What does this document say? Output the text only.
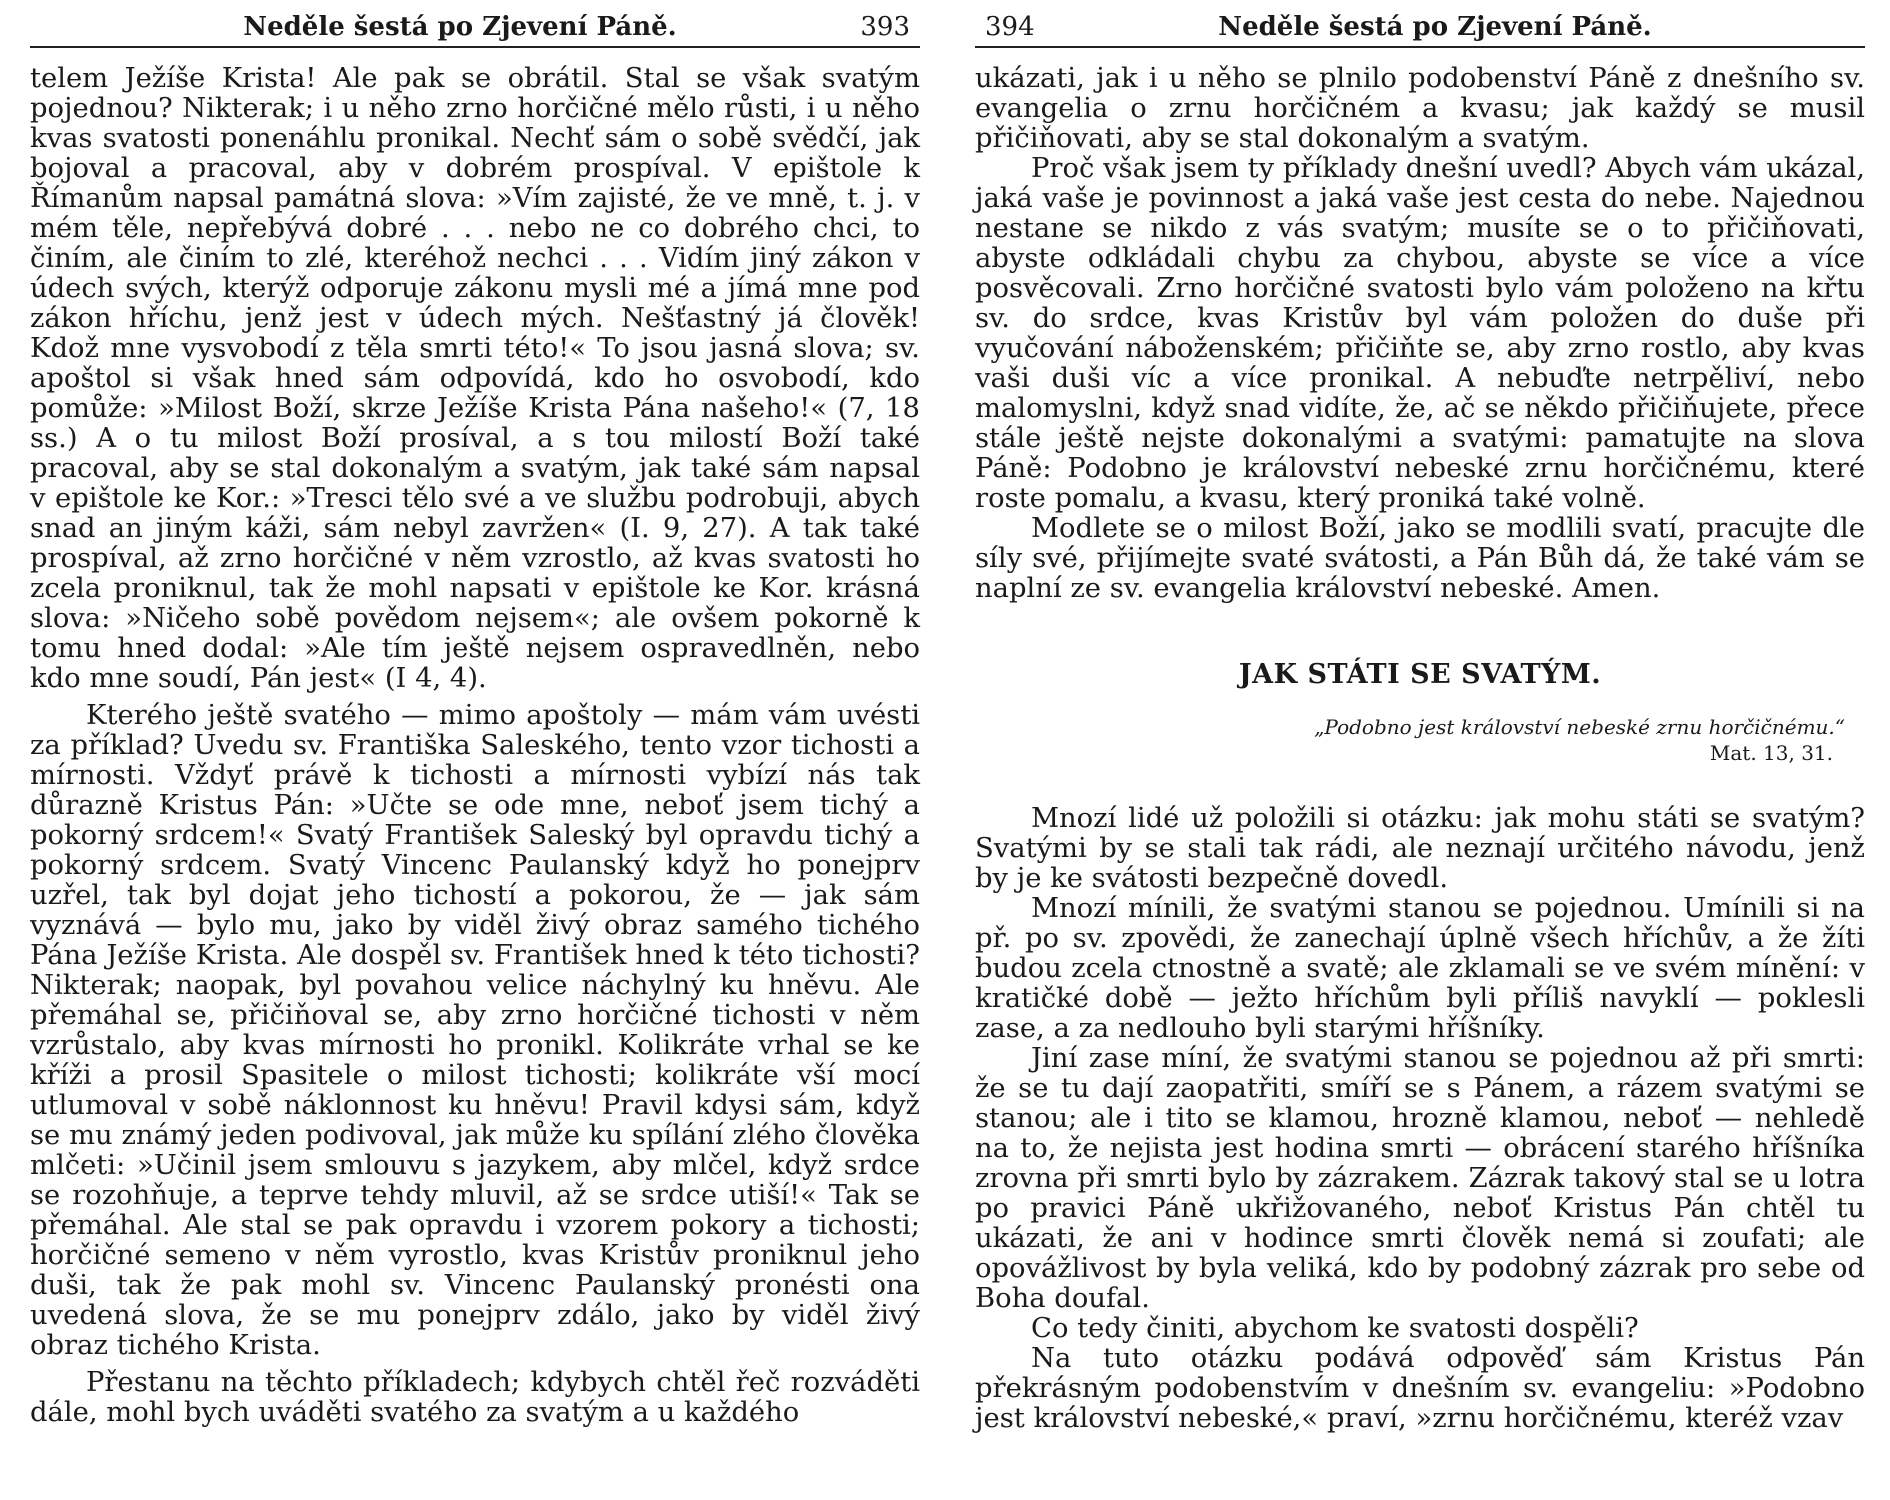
Neděle šestá po Zjevení Páně.	393

telem Ježíše Krista! Ale pak se obrátil. Stal se však svatým pojednou? Nikterak; i u něho zrno horčičné mělo růsti, i u něho kvas svatosti ponenáhlu pronikal. Nechť sám o sobě svědčí, jak bojoval a pracoval, aby v dobrém prospíval. V epištole k Římanům napsal památná slova: »Vím zajisté, že ve mně, t. j. v mém těle, nepřebývá dobré . . . nebo ne co dobrého chci, to činím, ale činím to zlé, kteréhož nechci . . . Vidím jiný zákon v údech svých, kterýž odporuje zákonu mysli mé a jímá mne pod zákon hříchu, jenž jest v údech mých. Nešťastný já člověk! Kdož mne vysvobodí z těla smrti této!« To jsou jasná slova; sv. apoštol si však hned sám odpovídá, kdo ho osvobodí, kdo pomůže: »Milost Boží, skrze Ježíše Krista Pána našeho!« (7, 18 ss.) A o tu milost Boží prosíval, a s tou milostí Boží také pracoval, aby se stal dokonalým a svatým, jak také sám napsal v epištole ke Kor.: »Tresci tělo své a ve službu podrobuji, abych snad an jiným káži, sám nebyl zavržen« (I. 9, 27). A tak také prospíval, až zrno horčičné v něm vzrostlo, až kvas svatosti ho zcela proniknul, tak že mohl napsati v epištole ke Kor. krásná slova: »Ničeho sobě povědom nejsem«; ale ovšem pokorně k tomu hned dodal: »Ale tím ještě nejsem ospravedlněn, nebo kdo mne soudí, Pán jest« (I 4, 4).

Kterého ještě svatého — mimo apoštoly — mám vám uvésti za příklad? Uvedu sv. Františka Saleského, tento vzor tichosti a mírnosti. Vždyť právě k tichosti a mírnosti vybízí nás tak důrazně Kristus Pán: »Učte se ode mne, neboť jsem tichý a pokorný srdcem!« Svatý František Saleský byl opravdu tichý a pokorný srdcem. Svatý Vincenc Paulanský když ho ponejprv uzřel, tak byl dojat jeho tichostí a pokorou, že — jak sám vyznává — bylo mu, jako by viděl živý obraz samého tichého Pána Ježíše Krista. Ale dospěl sv. František hned k této tichosti? Nikterak; naopak, byl povahou velice náchylný ku hněvu. Ale přemáhal se, přičiňoval se, aby zrno horčičné tichosti v něm vzrůstalo, aby kvas mírnosti ho pronikl. Kolikráte vrhal se ke kříži a prosil Spasitele o milost tichosti; kolikráte vší mocí utlumoval v sobě náklonnost ku hněvu! Pravil kdysi sám, když se mu známý jeden podivoval, jak může ku spílání zlého člověka mlčeti: »Učinil jsem smlouvu s jazykem, aby mlčel, když srdce se rozohňuje, a teprve tehdy mluvil, až se srdce utiší!« Tak se přemáhal. Ale stal se pak opravdu i vzorem pokory a tichosti; horčičné semeno v něm vyrostlo, kvas Kristův proniknul jeho duši, tak že pak mohl sv. Vincenc Paulanský pronésti ona uvedená slova, že se mu ponejprv zdálo, jako by viděl živý obraz tichého Krista.

Přestanu na těchto příkladech; kdybych chtěl řeč rozváděti dále, mohl bych uváděti svatého za svatým a u každého

394	Neděle šestá po Zjevení Páně.

ukázati, jak i u něho se plnilo podobenství Páně z dnešního sv. evangelia o zrnu horčičném a kvasu; jak každý se musil přičiňovati, aby se stal dokonalým a svatým.

Proč však jsem ty příklady dnešní uvedl? Abych vám ukázal, jaká vaše je povinnost a jaká vaše jest cesta do nebe. Najednou nestane se nikdo z vás svatým; musíte se o to přičiňovati, abyste odkládali chybu za chybou, abyste se více a více posvěcovali. Zrno horčičné svatosti bylo vám položeno na křtu sv. do srdce, kvas Kristův byl vám položen do duše při vyučování náboženském; přičiňte se, aby zrno rostlo, aby kvas vaši duši víc a více pronikal. A nebuďte netrpěliví, nebo malomyslni, když snad vidíte, že, ač se někdo přičiňujete, přece stále ještě nejste dokonalými a svatými: pamatujte na slova Páně: Podobno je království nebeské zrnu horčičnému, které roste pomalu, a kvasu, který proniká také volně.

Modlete se o milost Boží, jako se modlili svatí, pracujte dle síly své, přijímejte svaté svátosti, a Pán Bůh dá, že také vám se naplní ze sv. evangelia království nebeské. Amen.

JAK STÁTI SE SVATÝM.
„Podobno jest království nebeské zrnu horčičnému.“
Mat. 13, 31.

Mnozí lidé už položili si otázku: jak mohu státi se svatým? Svatými by se stali tak rádi, ale neznají určitého návodu, jenž by je ke svátosti bezpečně dovedl.

Mnozí mínili, že svatými stanou se pojednou. Umínili si na př. po sv. zpovědi, že zanechají úplně všech hříchův, a že žíti budou zcela ctnostně a svatě; ale zklamali se ve svém mínění: v kratičké době — ježto hříchům byli příliš navyklí — poklesli zase, a za nedlouho byli starými hříšníky.

Jiní zase míní, že svatými stanou se pojednou až při smrti: že se tu dají zaopatřiti, smíří se s Pánem, a rázem svatými se stanou; ale i tito se klamou, hrozně klamou, neboť — nehledě na to, že nejista jest hodina smrti — obrácení starého hříšníka zrovna při smrti bylo by zázrakem. Zázrak takový stal se u lotra po pravici Páně ukřižovaného, neboť Kristus Pán chtěl tu ukázati, že ani v hodince smrti člověk nemá si zoufati; ale opovážlivost by byla veliká, kdo by podobný zázrak pro sebe od Boha doufal.

Co tedy činiti, abychom ke svatosti dospěli?

Na tuto otázku podává odpověď sám Kristus Pán překrásným podobenstvím v dnešním sv. evangeliu: »Podobno jest království nebeské,« praví, »zrnu horčičnému, kteréž vzav
